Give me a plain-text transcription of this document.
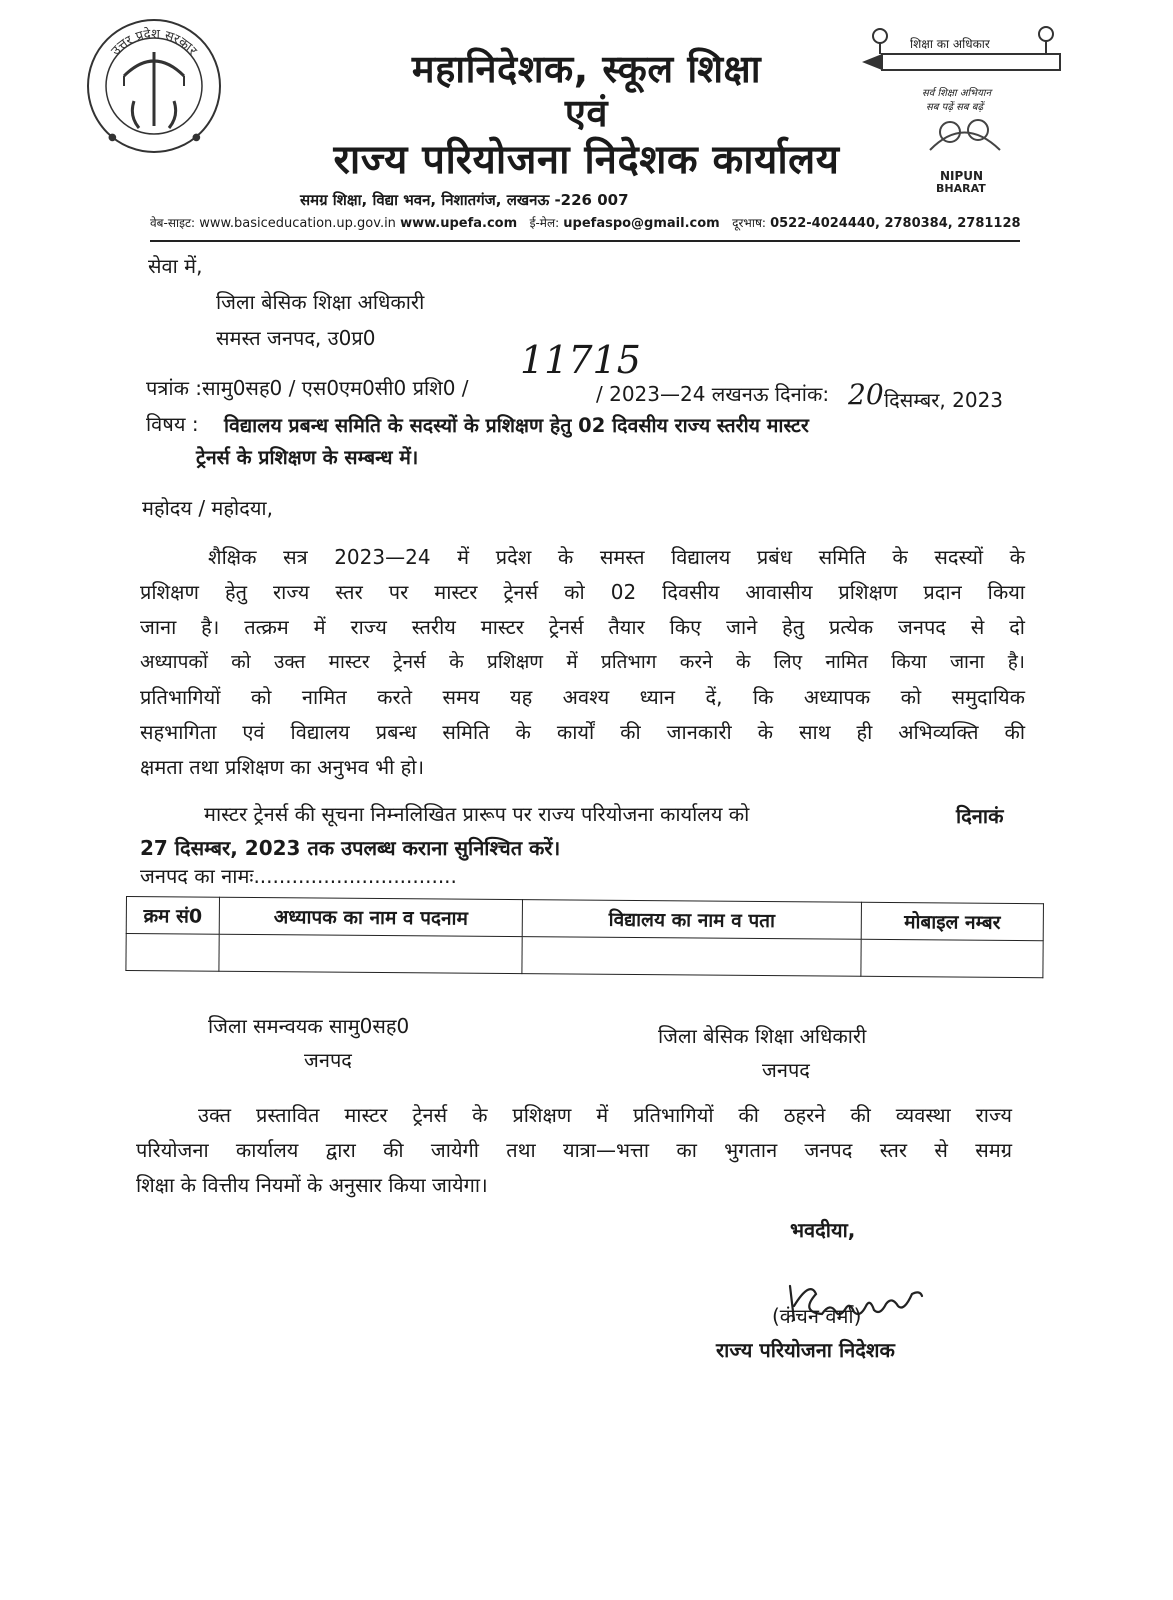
उत्तर प्रदेश सरकार
●	●
महानिदेशक, स्कूल शिक्षा
एवं
राज्य परियोजना निदेशक कार्यालय
समग्र शिक्षा, विद्या भवन, निशातगंज, लखनऊ -226 007
वेब-साइट: www.basiceducation.up.gov.in www.upefa.com ई-मेल: upefaspo@gmail.com दूरभाष: 0522-4024440, 2780384, 2781128
शिक्षा का अधिकार
सर्व शिक्षा अभियान
सब पढ़ें सब बढ़ें
NIPUN
BHARAT
सेवा में,
जिला बेसिक शिक्षा अधिकारी
समस्त जनपद, उ0प्र0
पत्रांक :सामु0सह0 / एस0एम0सी0 प्रशि0 /
11715
/ 2023—24 लखनऊ दिनांक: 20 दिसम्बर, 2023
विषय : विद्यालय प्रबन्ध समिति के सदस्यों के प्रशिक्षण हेतु 02 दिवसीय राज्य स्तरीय मास्टर
ट्रेनर्स के प्रशिक्षण के सम्बन्ध में।
महोदय / महोदया,
शैक्षिक सत्र 2023—24 में प्रदेश के समस्त विद्यालय प्रबंध समिति के सदस्यों के
प्रशिक्षण हेतु राज्य स्तर पर मास्टर ट्रेनर्स को 02 दिवसीय आवासीय प्रशिक्षण प्रदान किया
जाना है। तत्क्रम में राज्य स्तरीय मास्टर ट्रेनर्स तैयार किए जाने हेतु प्रत्येक जनपद से दो
अध्यापकों को उक्त मास्टर ट्रेनर्स के प्रशिक्षण में प्रतिभाग करने के लिए नामित किया जाना है।
प्रतिभागियों को नामित करते समय यह अवश्य ध्यान दें, कि अध्यापक को समुदायिक
सहभागिता एवं विद्यालय प्रबन्ध समिति के कार्यों की जानकारी के साथ ही अभिव्यक्ति की
क्षमता तथा प्रशिक्षण का अनुभव भी हो।
मास्टर ट्रेनर्स की सूचना निम्नलिखित प्रारूप पर राज्य परियोजना कार्यालय को	दिनाकं
27 दिसम्बर, 2023 तक उपलब्ध कराना सुनिश्चित करें।
जनपद का नामः................................
क्रम सं0	अध्यापक का नाम व पदनाम	विद्यालय का नाम व पता	मोबाइल नम्बर

जिला समन्वयक सामु0सह0
जनपद
जिला बेसिक शिक्षा अधिकारी
जनपद
उक्त प्रस्तावित मास्टर ट्रेनर्स के प्रशिक्षण में प्रतिभागियों की ठहरने की व्यवस्था राज्य
परियोजना कार्यालय द्वारा की जायेगी तथा यात्रा—भत्ता का भुगतान जनपद स्तर से समग्र
शिक्षा के वित्तीय नियमों के अनुसार किया जायेगा।
भवदीया,
(कंचन वर्मा)
राज्य परियोजना निदेशक
